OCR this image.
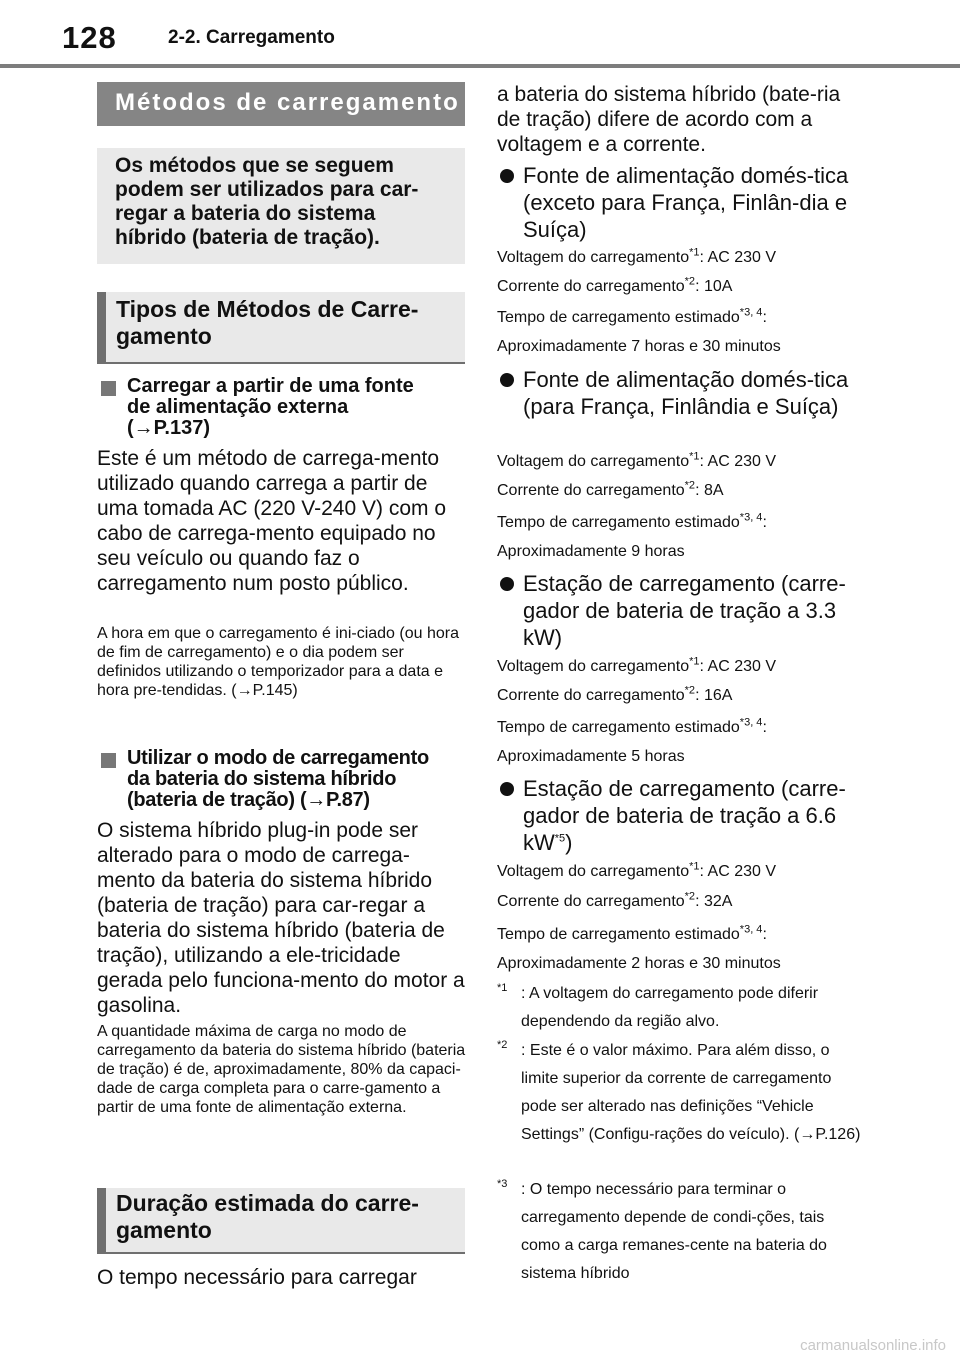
128	2-2. Carregamento
Métodos de carregamento
Os métodos que se seguem podem ser utilizados para car-regar a bateria do sistema híbrido (bateria de tração).
Tipos de Métodos de Carre-gamento
Carregar a partir de uma fonte
de alimentação externa
(→P.137)
Este é um método de carrega-mento utilizado quando carrega a partir de uma tomada AC (220 V-240 V) com o cabo de carrega-mento equipado no seu veículo ou quando faz o carregamento num posto público.
A hora em que o carregamento é ini-ciado (ou hora de fim de carregamento) e o dia podem ser definidos utilizando o temporizador para a data e hora pre-tendidas. (→P.145)
Utilizar o modo de carregamento
da bateria do sistema híbrido
(bateria de tração) (→P.87)
O sistema híbrido plug-in pode ser alterado para o modo de carrega-mento da bateria do sistema híbrido (bateria de tração) para car-regar a bateria do sistema híbrido (bateria de tração), utilizando a ele-tricidade gerada pelo funciona-mento do motor a gasolina.
A quantidade máxima de carga no modo de carregamento da bateria do sistema híbrido (bateria de tração) é de, aproximadamente, 80% da capaci-dade de carga completa para o carre-gamento a partir de uma fonte de alimentação externa.
Duração estimada do carre-gamento
O tempo necessário para carregar
a bateria do sistema híbrido (bate-ria de tração) difere de acordo com a voltagem e a corrente.
Fonte de alimentação domés-tica (exceto para França, Finlân-dia e Suíça)
Voltagem do carregamento$^{*1}$: AC 230 V
Corrente do carregamento$^{*2}$: 10A
Tempo de carregamento estimado$^{*3, 4}$:
Aproximadamente 7 horas e 30 minutos
Fonte de alimentação domés-tica (para França, Finlândia e Suíça)
Voltagem do carregamento$^{*1}$: AC 230 V
Corrente do carregamento$^{*2}$: 8A
Tempo de carregamento estimado$^{*3, 4}$:
Aproximadamente 9 horas
Estação de carregamento (carre-gador de bateria de tração a 3.3 kW)
Voltagem do carregamento$^{*1}$: AC 230 V
Corrente do carregamento$^{*2}$: 16A
Tempo de carregamento estimado$^{*3, 4}$:
Aproximadamente 5 horas
Estação de carregamento (carre-gador de bateria de tração a 6.6 $kW^{*5}$)
Voltagem do carregamento$^{*1}$: AC 230 V
Corrente do carregamento$^{*2}$: 32A
Tempo de carregamento estimado$^{*3, 4}$:
Aproximadamente 2 horas e 30 minutos
*1 : A voltagem do carregamento pode diferir dependendo da região alvo.
*2 : Este é o valor máximo. Para além disso, o limite superior da corrente de carregamento pode ser alterado nas definições “Vehicle Settings” (Configu-rações do veículo). (→P.126)
*3 : O tempo necessário para terminar o carregamento depende de condi-ções, tais como a carga remanes-cente na bateria do sistema híbrido
carmanualsonline.info
